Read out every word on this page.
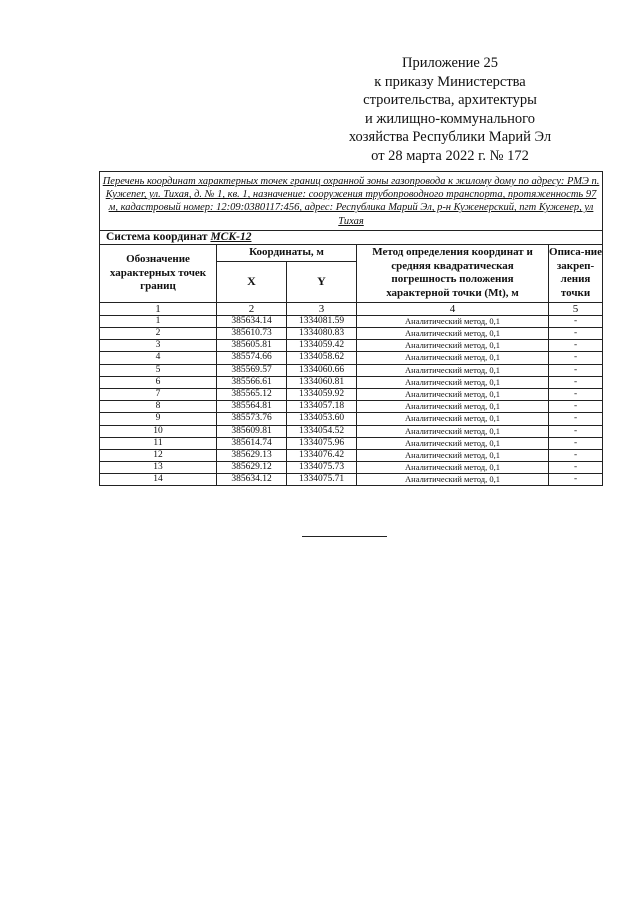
Приложение 25
к приказу Министерства
строительства, архитектуры
и жилищно-коммунального
хозяйства Республики Марий Эл
от 28 марта 2022 г. № 172
Перечень координат характерных точек границ охранной зоны газопровода к жилому дому по адресу: РМЭ п. Кужener, ул. Тихая, д. № 1, кв. 1, назначение: сооружения трубопроводного транспорта, протяженность 97 м, кадастровый номер: 12:09:0380117:456, адрес: Республика Марий Эл, р-н Куженерский, пгт Куженер, ул Тихая				
Система координат МСК-12				
Обозначение характерных точек границ	Координаты, м		Метод определения координат и средняя квадратическая погрешность положения характерной точки (Mt), м	Описа-ние закреп-ления точки
	X	Y		
1	2	3	4	5
1	385634.14	1334081.59	Аналитический метод, 0,1	-
2	385610.73	1334080.83	Аналитический метод, 0,1	-
3	385605.81	1334059.42	Аналитический метод, 0,1	-
4	385574.66	1334058.62	Аналитический метод, 0,1	-
5	385569.57	1334060.66	Аналитический метод, 0,1	-
6	385566.61	1334060.81	Аналитический метод, 0,1	-
7	385565.12	1334059.92	Аналитический метод, 0,1	-
8	385564.81	1334057.18	Аналитический метод, 0,1	-
9	385573.76	1334053.60	Аналитический метод, 0,1	-
10	385609.81	1334054.52	Аналитический метод, 0,1	-
11	385614.74	1334075.96	Аналитический метод, 0,1	-
12	385629.13	1334076.42	Аналитический метод, 0,1	-
13	385629.12	1334075.73	Аналитический метод, 0,1	-
14	385634.12	1334075.71	Аналитический метод, 0,1	-
